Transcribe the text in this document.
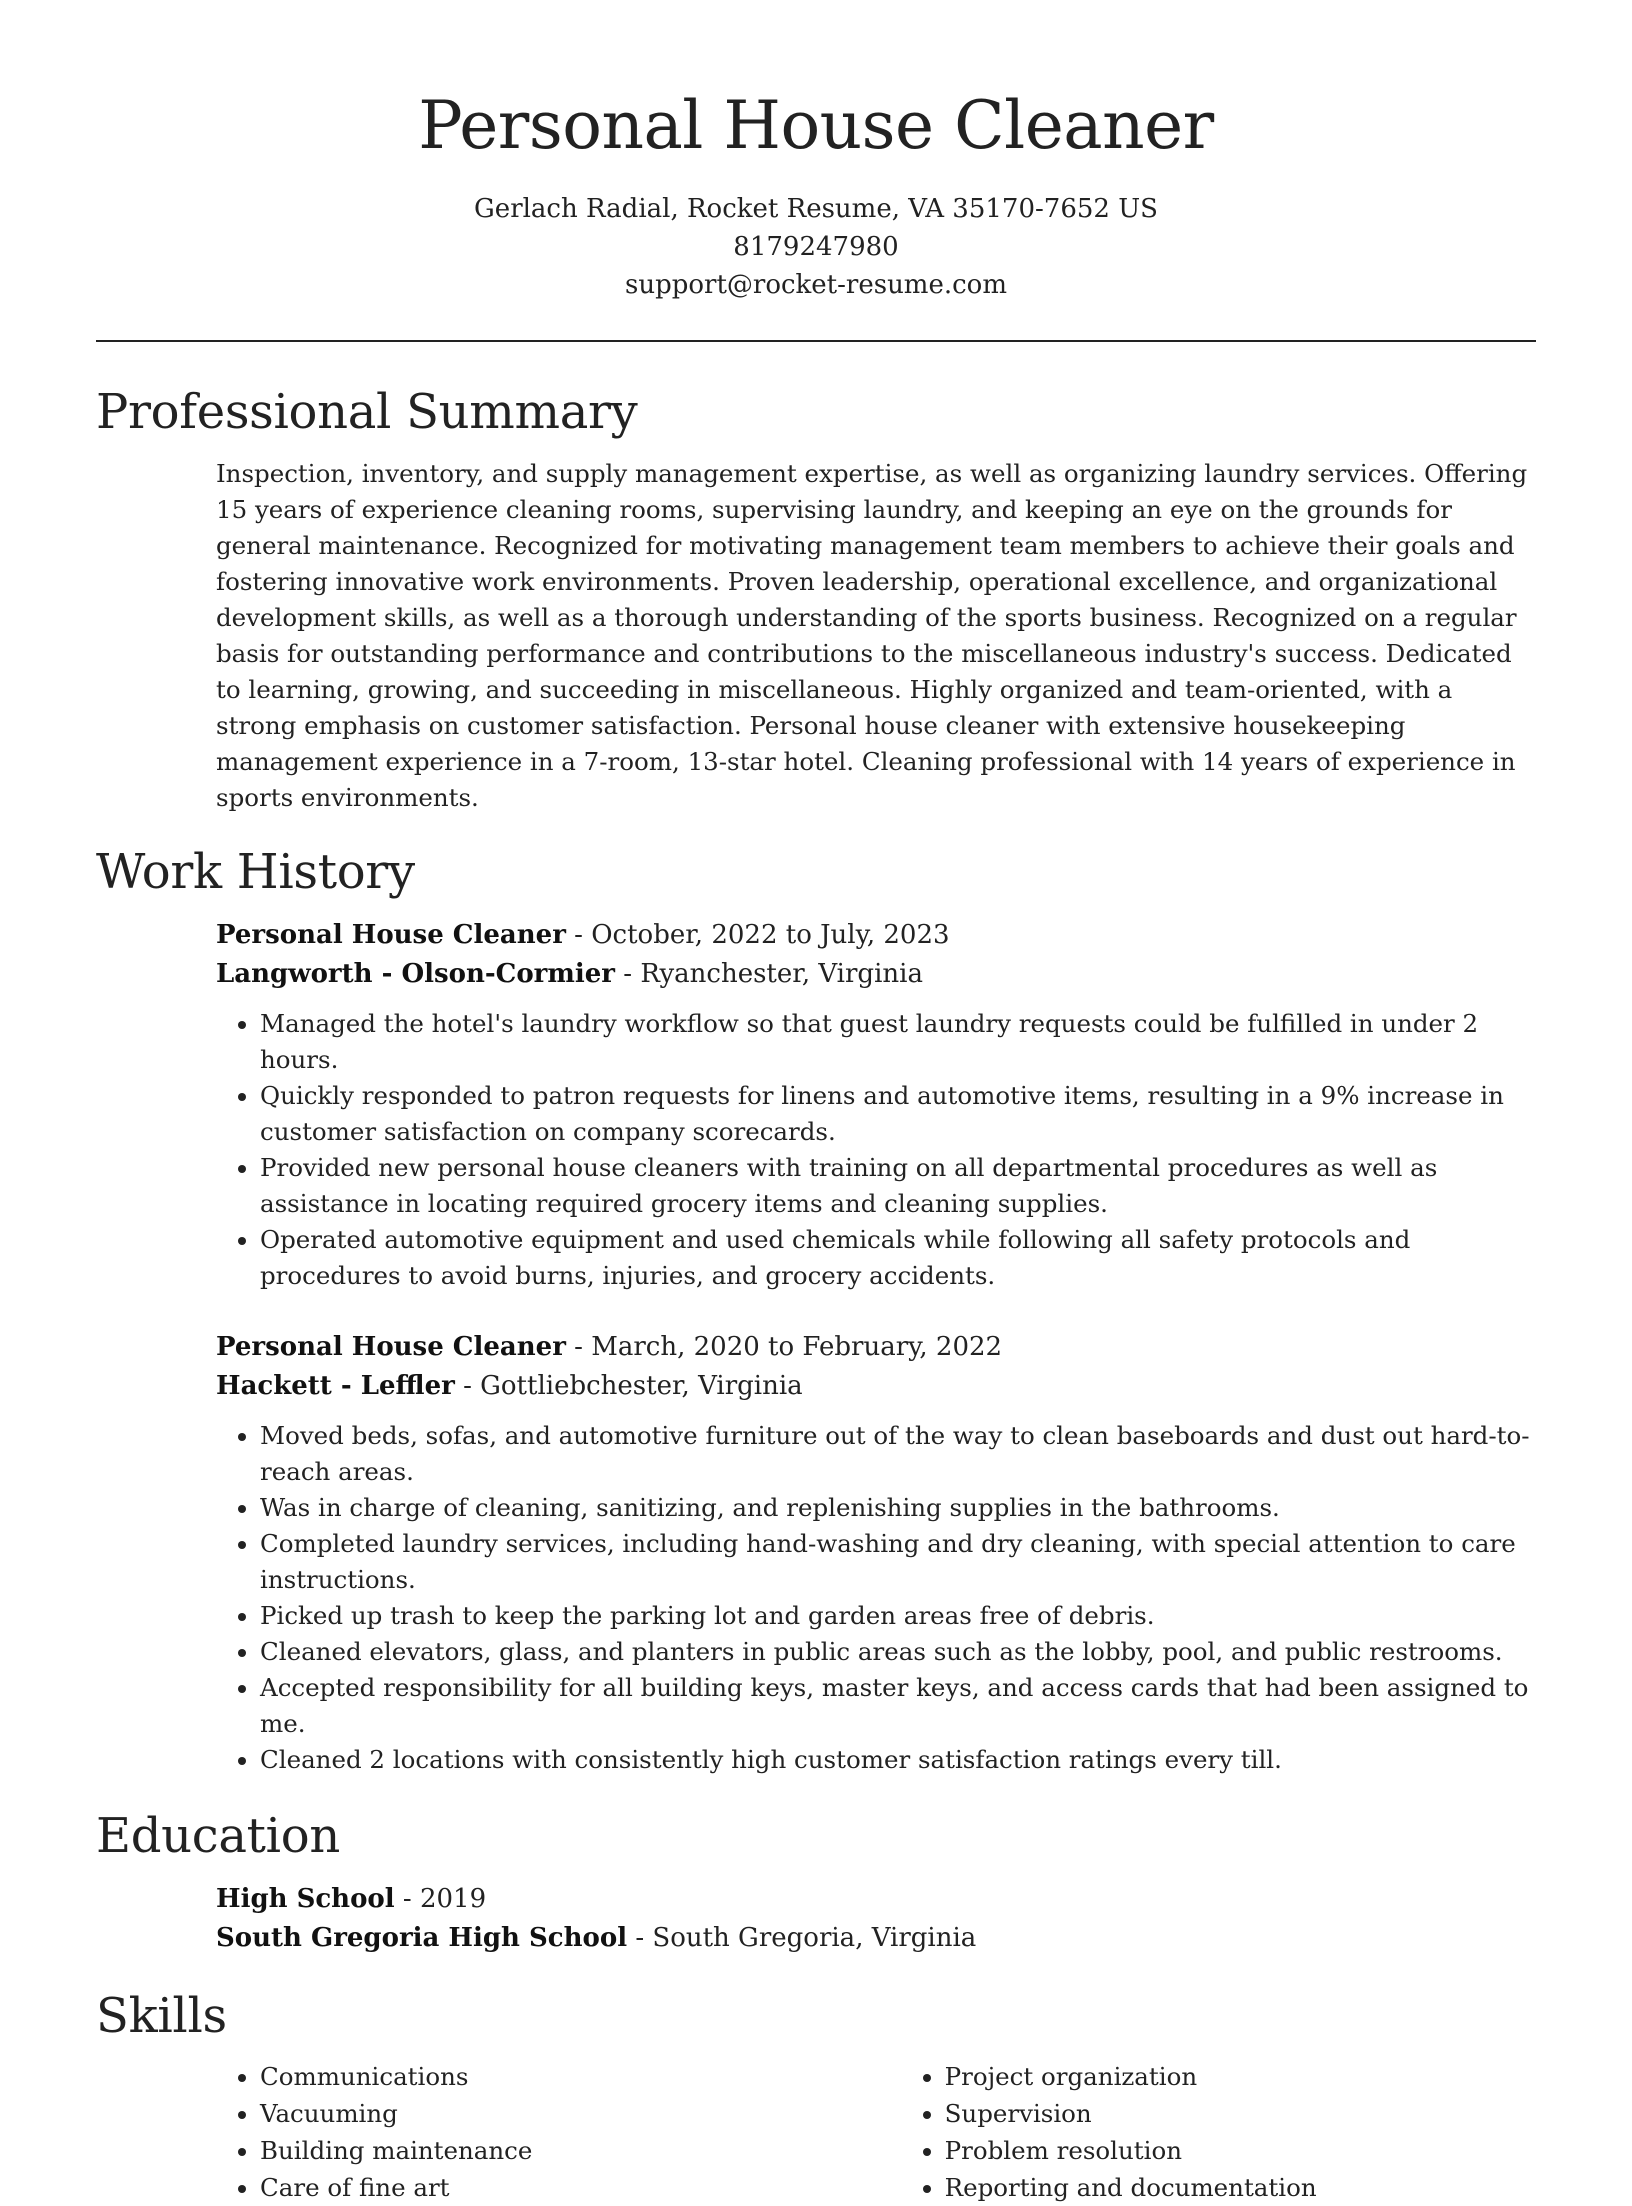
Personal House Cleaner

Gerlach Radial, Rocket Resume, VA 35170-7652 US

8179247980

support@rocket-resume.com

Professional Summary

Inspection, inventory, and supply management expertise, as well as organizing laundry services. Offering 15 years of experience cleaning rooms, supervising laundry, and keeping an eye on the grounds for general maintenance. Recognized for motivating management team members to achieve their goals and fostering innovative work environments. Proven leadership, operational excellence, and organizational development skills, as well as a thorough understanding of the sports business. Recognized on a regular basis for outstanding performance and contributions to the miscellaneous industry's success. Dedicated to learning, growing, and succeeding in miscellaneous. Highly organized and team-oriented, with a strong emphasis on customer satisfaction. Personal house cleaner with extensive housekeeping management experience in a 7-room, 13-star hotel. Cleaning professional with 14 years of experience in sports environments.

Work History

Personal House Cleaner - October, 2022 to July, 2023

Langworth - Olson-Cormier - Ryanchester, Virginia

• Managed the hotel's laundry workflow so that guest laundry requests could be fulfilled in under 2 hours.
• Quickly responded to patron requests for linens and automotive items, resulting in a 9% increase in customer satisfaction on company scorecards.
• Provided new personal house cleaners with training on all departmental procedures as well as assistance in locating required grocery items and cleaning supplies.
• Operated automotive equipment and used chemicals while following all safety protocols and procedures to avoid burns, injuries, and grocery accidents.

Personal House Cleaner - March, 2020 to February, 2022

Hackett - Leffler - Gottliebchester, Virginia

• Moved beds, sofas, and automotive furniture out of the way to clean baseboards and dust out hard-to-reach areas.
• Was in charge of cleaning, sanitizing, and replenishing supplies in the bathrooms.
• Completed laundry services, including hand-washing and dry cleaning, with special attention to care instructions.
• Picked up trash to keep the parking lot and garden areas free of debris.
• Cleaned elevators, glass, and planters in public areas such as the lobby, pool, and public restrooms.
• Accepted responsibility for all building keys, master keys, and access cards that had been assigned to me.
• Cleaned 2 locations with consistently high customer satisfaction ratings every till.
Education

High School - 2019

South Gregoria High School - South Gregoria, Virginia

Skills
• Communications
• Vacuuming
• Building maintenance
• Care of fine art
• Project organization
• Supervision
• Problem resolution
• Reporting and documentation
